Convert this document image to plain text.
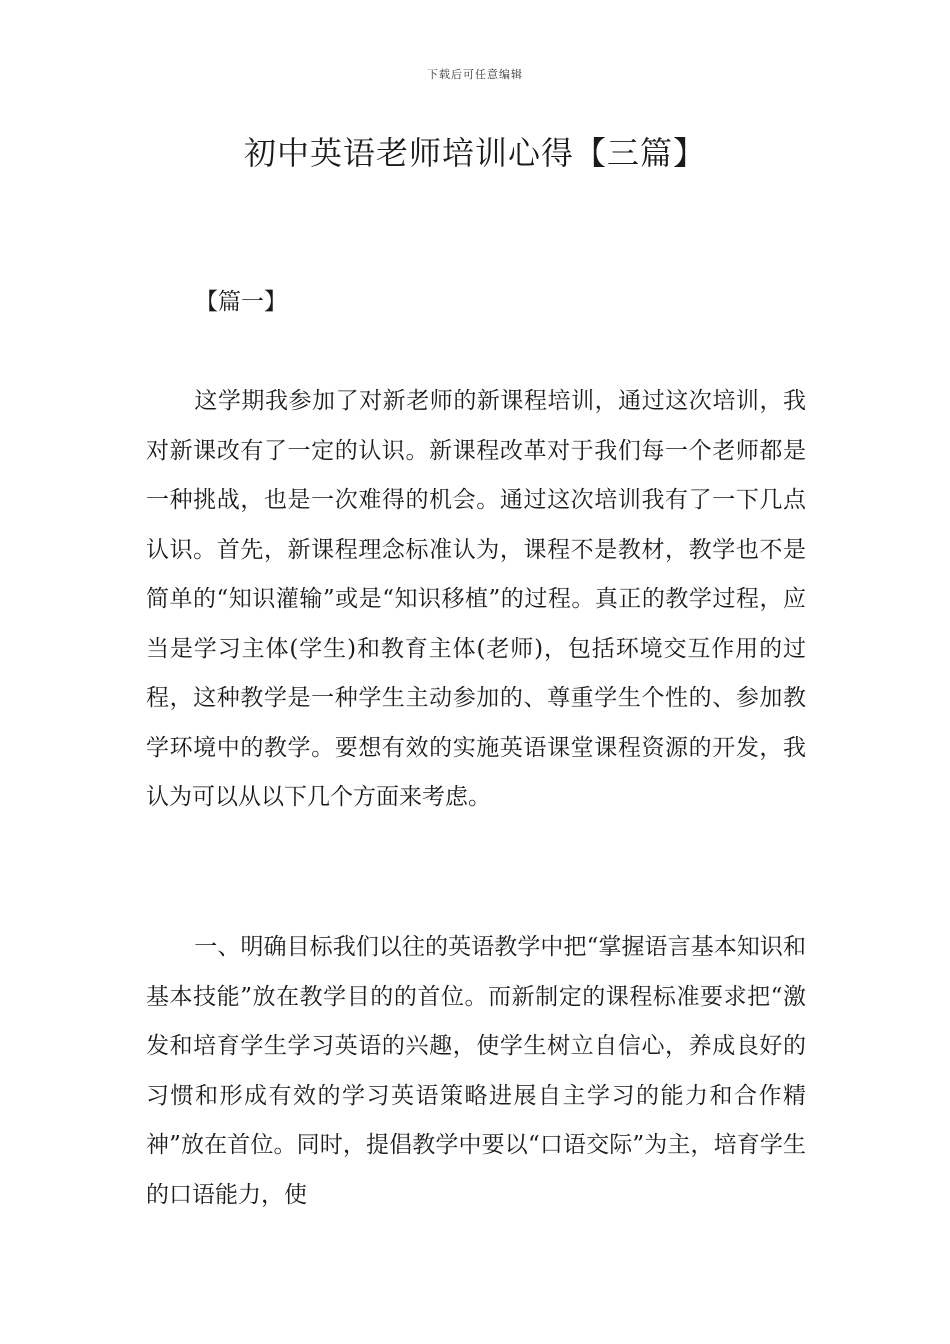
下载后可任意编辑
初中英语老师培训心得【三篇】

【篇一】

这学期我参加了对新老师的新课程培训，通过这次培训，我对新课改有了一定的认识。新课程改革对于我们每一个老师都是一种挑战，也是一次难得的机会。通过这次培训我有了一下几点认识。首先，新课程理念标准认为，课程不是教材，教学也不是简单的“知识灌输”或是“知识移植”的过程。真正的教学过程，应当是学习主体(学生)和教育主体(老师)，包括环境交互作用的过程，这种教学是一种学生主动参加的、尊重学生个性的、参加教学环境中的教学。要想有效的实施英语课堂课程资源的开发，我认为可以从以下几个方面来考虑。

一、明确目标我们以往的英语教学中把“掌握语言基本知识和基本技能”放在教学目的的首位。而新制定的课程标准要求把“激发和培育学生学习英语的兴趣，使学生树立自信心，养成良好的习惯和形成有效的学习英语策略进展自主学习的能力和合作精神”放在首位。同时，提倡教学中要以“口语交际”为主，培育学生的口语能力，使
